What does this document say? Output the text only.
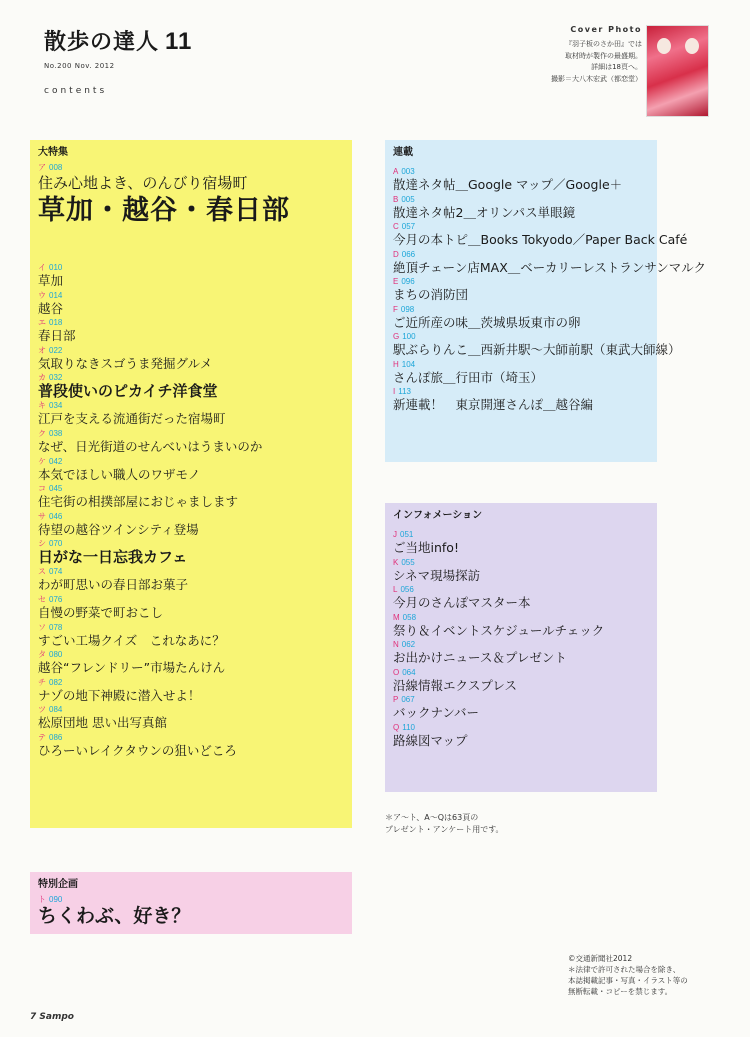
散歩の達人 11
No.200 Nov. 2012
contents
Cover Photo
『羽子板のさか田』では
取材時が製作の最盛期。
詳細は18頁へ。
撮影＝大八木宏武（都恋堂）
大特集
ア 008
住み心地よき、のんびり宿場町
草加・越谷・春日部
イ 010
草加
ウ 014
越谷
エ 018
春日部
オ 022
気取りなきスゴうま発掘グルメ
カ 032
普段使いのピカイチ洋食堂
キ 034
江戸を支える流通街だった宿場町
ク 038
なぜ、日光街道のせんべいはうまいのか
ケ 042
本気でほしい職人のワザモノ
コ 045
住宅街の相撲部屋におじゃまします
サ 046
待望の越谷ツインシティ登場
シ 070
日がな一日忘我カフェ
ス 074
わが町思いの春日部お菓子
セ 076
自慢の野菜で町おこし
ソ 078
すごい工場クイズ　これなあに？
タ 080
越谷“フレンドリー”市場たんけん
チ 082
ナゾの地下神殿に潜入せよ！
ツ 084
松原団地 思い出写真館
テ 086
ひろーいレイクタウンの狙いどころ
特別企画
ト 090
ちくわぶ、好き？
連載
A 003
散達ネタ帖＿Google マップ／Google＋
B 005
散達ネタ帖2＿オリンパス単眼鏡
C 057
今月の本トピ＿Books Tokyodo／Paper Back Café
D 066
絶頂チェーン店MAX＿ベーカリーレストランサンマルク
E 096
まちの消防団
F 098
ご近所産の味＿茨城県坂東市の卵
G 100
駅ぶらりんこ＿西新井駅〜大師前駅（東武大師線）
H 104
さんぽ旅＿行田市（埼玉）
I 113
新連載！　東京開運さんぽ＿越谷編
インフォメーション
J 051
ご当地info!
K 055
シネマ現場探訪
L 056
今月のさんぽマスター本
M 058
祭り＆イベントスケジュールチェック
N 062
お出かけニュース＆プレゼント
O 064
沿線情報エクスプレス
P 067
バックナンバー
Q 110
路線図マップ
＊ア〜ト、A〜Qは63頁の
プレゼント・アンケート用です。
©交通新聞社2012
＊法律で許可された場合を除き、
本誌掲載記事・写真・イラスト等の
無断転載・コピーを禁じます。
7 Sampo
